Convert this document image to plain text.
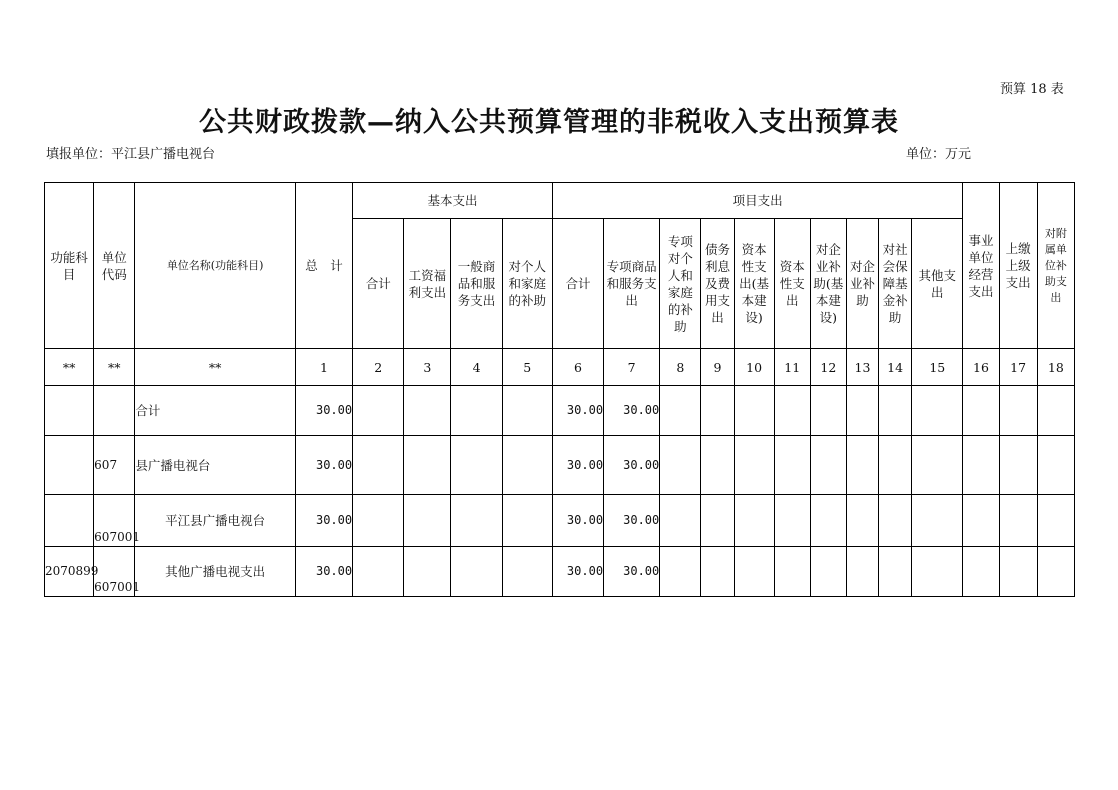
预算 18 表
公共财政拨款—纳入公共预算管理的非税收入支出预算表
填报单位：平江县广播电视台	单位：万元
功能科目	单位代码	单位名称(功能科目)	总　计	基本支出				项目支出										事业单位经营支出	上缴上级支出	对附属单位补助支出

				合计	工资福利支出	一般商品和服务支出	对个人和家庭的补助	合计	专项商品和服务支出	专项对个人和家庭的补助	债务利息及费用支出	资本性支出(基本建设)	资本性支出	对企业补助(基本建设)	对企业补助	对社会保障基金补助	其他支出			

**	**	**	1	2	3	4	5	6	7	8	9	10	11	12	13	14	15	16	17	18
		合计	30.00					30.00	30.00											
	607	县广播电视台	30.00					30.00	30.00											
	607001	平江县广播电视台	30.00					30.00	30.00											
2070899	607001	其他广播电视支出	30.00					30.00	30.00											
